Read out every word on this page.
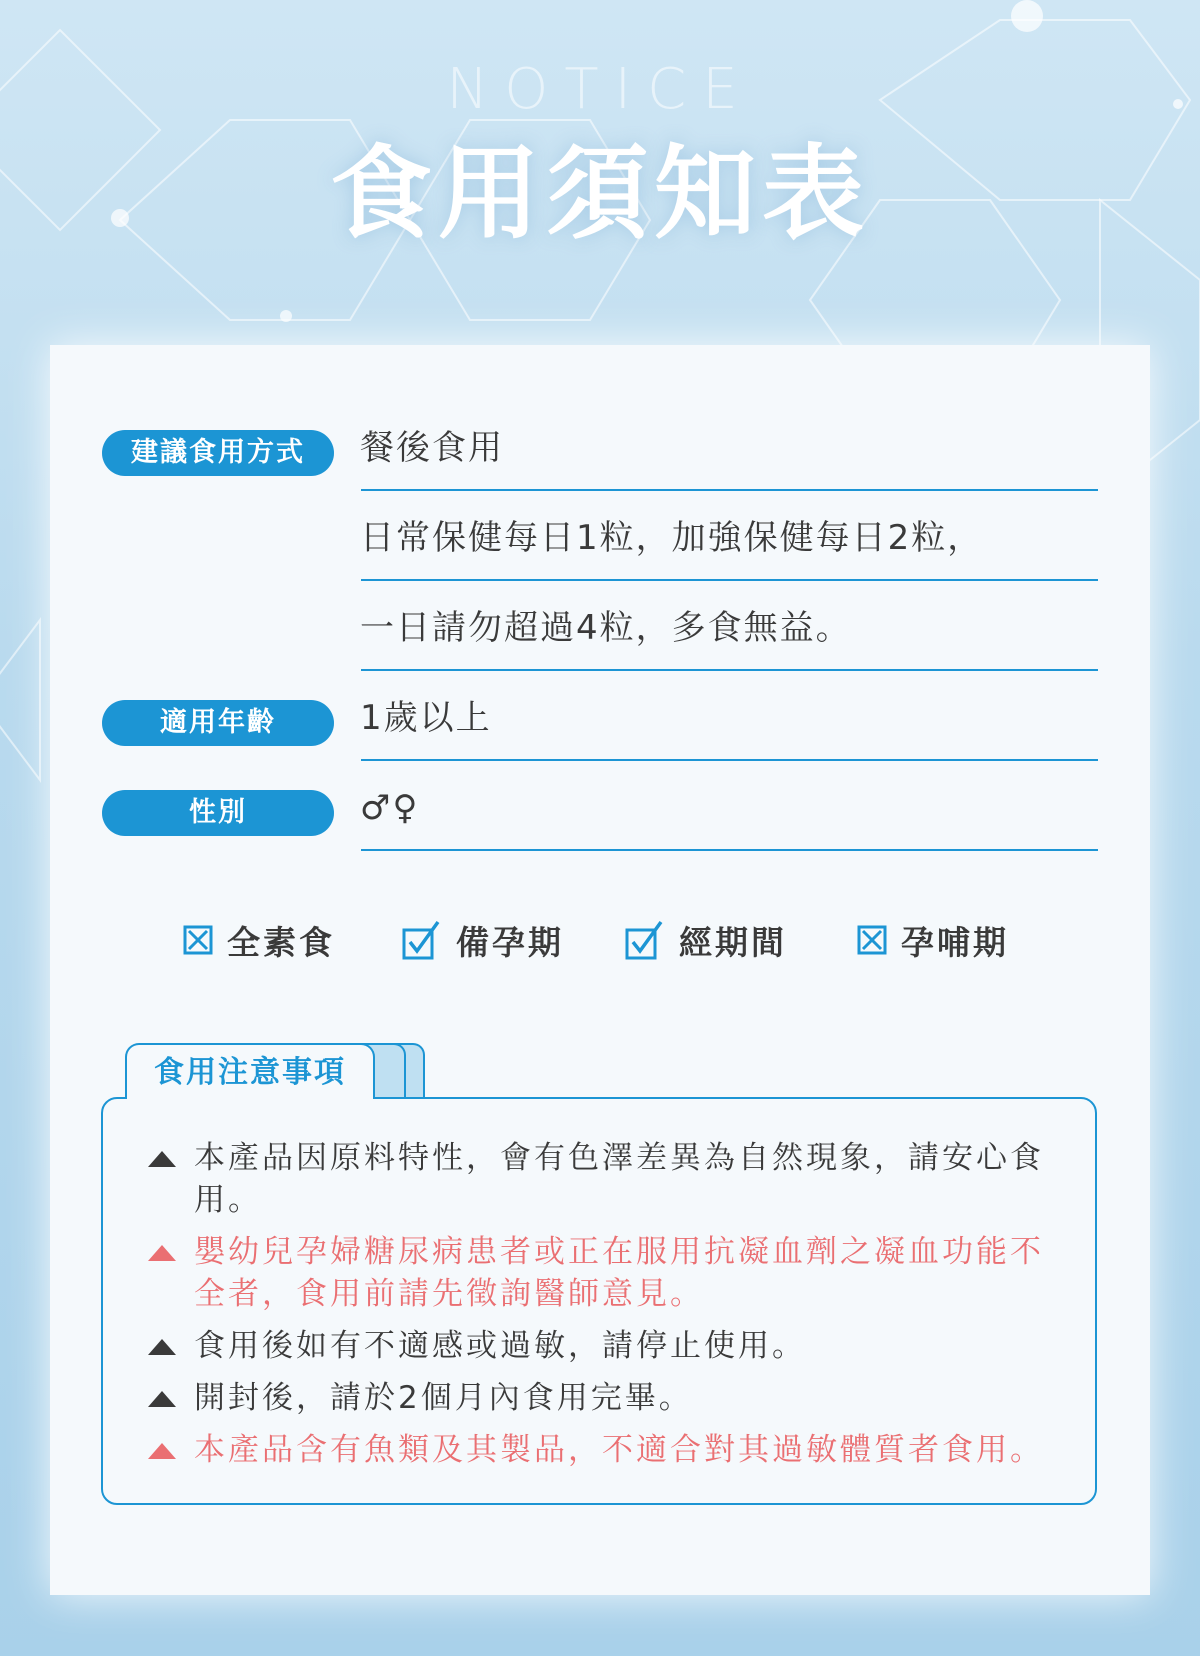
NOTICE
食用須知表
建議食用方式	餐後食用
日常保健每日1粒，加強保健每日2粒，
一日請勿超過4粒，多食無益。
適用年齡	1歲以上
性別	♂♀
全素食	備孕期	經期間	孕哺期
食用注意事項
本產品因原料特性，會有色澤差異為自然現象，請安心食用。
嬰幼兒孕婦糖尿病患者或正在服用抗凝血劑之凝血功能不全者，食用前請先徵詢醫師意見。
食用後如有不適感或過敏，請停止使用。
開封後，請於2個月內食用完畢。
本產品含有魚類及其製品，不適合對其過敏體質者食用。
